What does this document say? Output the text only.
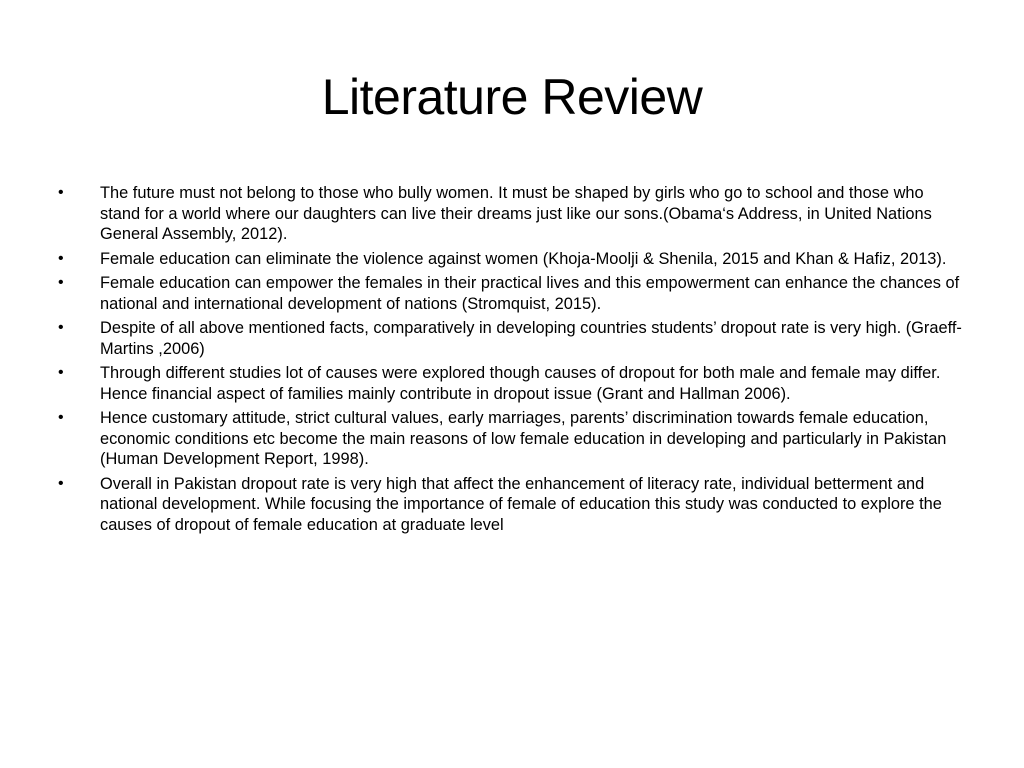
Literature Review
• The future must not belong to those who bully women. It must be shaped by girls who go to school and those who stand for a world where our daughters can live their dreams just like our sons.(Obama‘s Address, in United Nations General Assembly, 2012).
• Female education can eliminate the violence against women (Khoja-Moolji & Shenila, 2015 and Khan & Hafiz, 2013).
• Female education can empower the females in their practical lives and this empowerment can enhance the chances of national and international development of nations (Stromquist, 2015).
• Despite of all above mentioned facts, comparatively in developing countries students’ dropout rate is very high. (Graeff-Martins ,2006)
• Through different studies lot of causes were explored though causes of dropout for both male and female may differ. Hence financial aspect of families mainly contribute in dropout issue (Grant and Hallman 2006).
• Hence customary attitude, strict cultural values, early marriages, parents’ discrimination towards female education, economic conditions etc become the main reasons of low female education in developing and particularly in Pakistan (Human Development Report, 1998).
• Overall in Pakistan dropout rate is very high that affect the enhancement of literacy rate, individual betterment and national development. While focusing the importance of female of education this study was conducted to explore the causes of dropout of female education at graduate level
